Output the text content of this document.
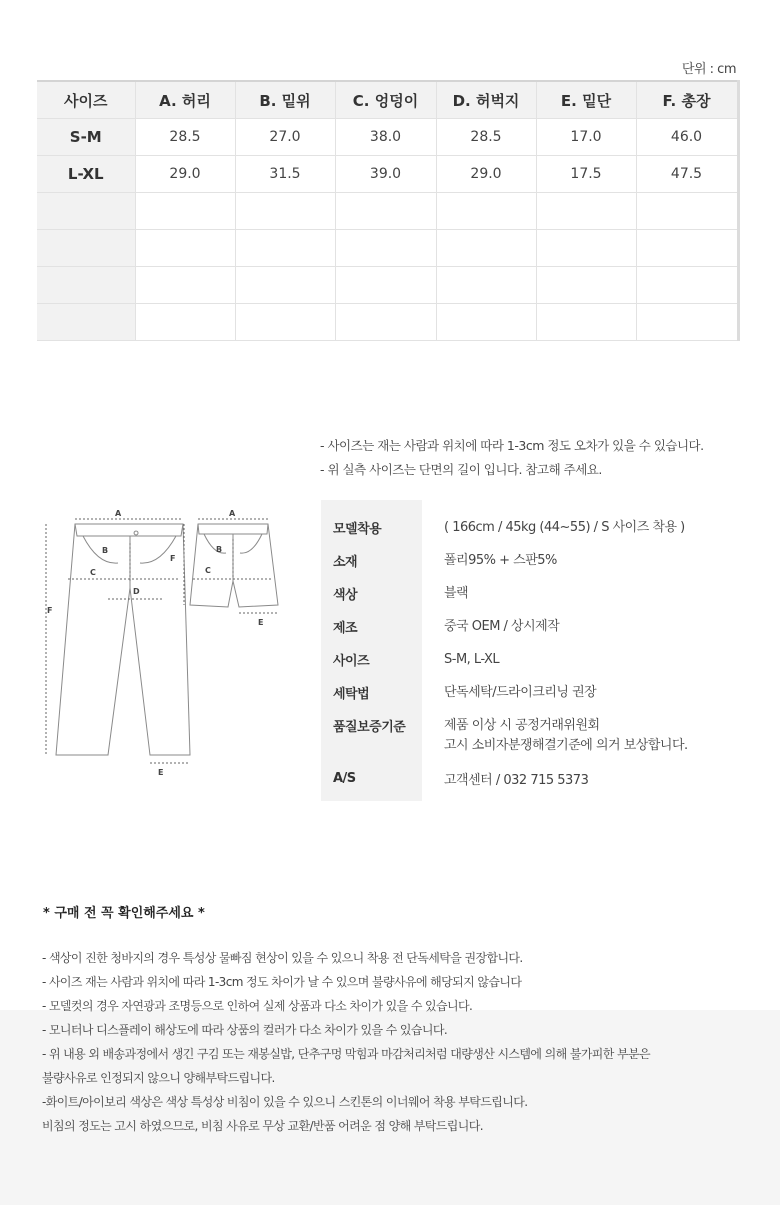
단위 : cm
사이즈	A. 허리	B. 밑위	C. 엉덩이	D. 허벅지	E. 밑단	F. 총장
S-M	28.5	27.0	38.0	28.5	17.0	46.0
L-XL	29.0	31.5	39.0	29.0	17.5	47.5

- 사이즈는 재는 사람과 위치에 따라 1-3cm 정도 오차가 있을 수 있습니다.
- 위 실측 사이즈는 단면의 길이 입니다. 참고해 주세요.
A
B
C
D
E
F
A
B
C
E
F
모델착용	( 166cm / 45kg (44~55) / S 사이즈 착용 )
소재	폴리95% + 스판5%
색상	블랙
제조	중국 OEM / 상시제작
사이즈	S-M, L-XL
세탁법	단독세탁/드라이크리닝 권장
품질보증기준	제품 이상 시 공정거래위원회
고시 소비자분쟁해결기준에 의거 보상합니다.
A/S	고객센터 / 032 715 5373
* 구매 전 꼭 확인해주세요 *
- 색상이 진한 청바지의 경우 특성상 물빠짐 현상이 있을 수 있으니 착용 전 단독세탁을 권장합니다.
- 사이즈 재는 사람과 위치에 따라 1-3cm 정도 차이가 날 수 있으며 불량사유에 해당되지 않습니다
- 모델컷의 경우 자연광과 조명등으로 인하여 실제 상품과 다소 차이가 있을 수 있습니다.
- 모니터나 디스플레이 해상도에 따라 상품의 컬러가 다소 차이가 있을 수 있습니다.
- 위 내용 외 배송과정에서 생긴 구김 또는 재봉실밥, 단추구멍 막힘과 마감처리처럼 대량생산 시스템에 의해 불가피한 부분은
불량사유로 인정되지 않으니 양해부탁드립니다.
-화이트/아이보리 색상은 색상 특성상 비침이 있을 수 있으니 스킨톤의 이너웨어 착용 부탁드립니다.
비침의 정도는 고시 하였으므로, 비침 사유로 무상 교환/반품 어려운 점 양해 부탁드립니다.
